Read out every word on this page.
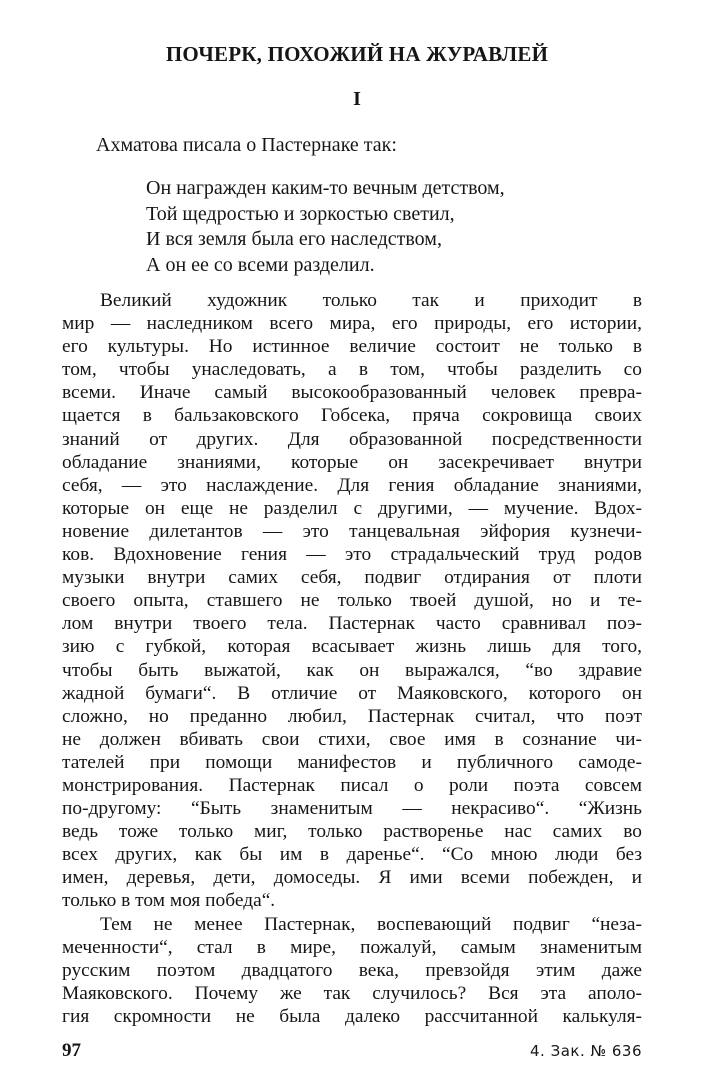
ПОЧЕРК, ПОХОЖИЙ НА ЖУРАВЛЕЙ
I
Ахматова писала о Пастернаке так:
Он награжден каким-то вечным детством,
Той щедростью и зоркостью светил,
И вся земля была его наследством,
А он ее со всеми разделил.
Великий художник только так и приходит в
мир — наследником всего мира, его природы, его истории,
его культуры. Но истинное величие состоит не только в
том, чтобы унаследовать, а в том, чтобы разделить со
всеми. Иначе самый высокообразованный человек превра-
щается в бальзаковского Гобсека, пряча сокровища своих
знаний от других. Для образованной посредственности
обладание знаниями, которые он засекречивает внутри
себя, — это наслаждение. Для гения обладание знаниями,
которые он еще не разделил с другими, — мучение. Вдох-
новение дилетантов — это танцевальная эйфория кузнечи-
ков. Вдохновение гения — это страдальческий труд родов
музыки внутри самих себя, подвиг отдирания от плоти
своего опыта, ставшего не только твоей душой, но и те-
лом внутри твоего тела. Пастернак часто сравнивал поэ-
зию с губкой, которая всасывает жизнь лишь для того,
чтобы быть выжатой, как он выражался, “во здравие
жадной бумаги“. В отличие от Маяковского, которого он
сложно, но преданно любил, Пастернак считал, что поэт
не должен вбивать свои стихи, свое имя в сознание чи-
тателей при помощи манифестов и публичного самоде-
монстрирования. Пастернак писал о роли поэта совсем
по-другому: “Быть знаменитым — некрасиво“. “Жизнь
ведь тоже только миг, только растворенье нас самих во
всех других, как бы им в даренье“. “Со мною люди без
имен, деревья, дети, домоседы. Я ими всеми побежден, и
только в том моя победа“.
Тем не менее Пастернак, воспевающий подвиг “неза-
меченности“, стал в мире, пожалуй, самым знаменитым
русским поэтом двадцатого века, превзойдя этим даже
Маяковского. Почему же так случилось? Вся эта аполо-
гия скромности не была далеко рассчитанной калькуля-
97	4. Зак. № 636
